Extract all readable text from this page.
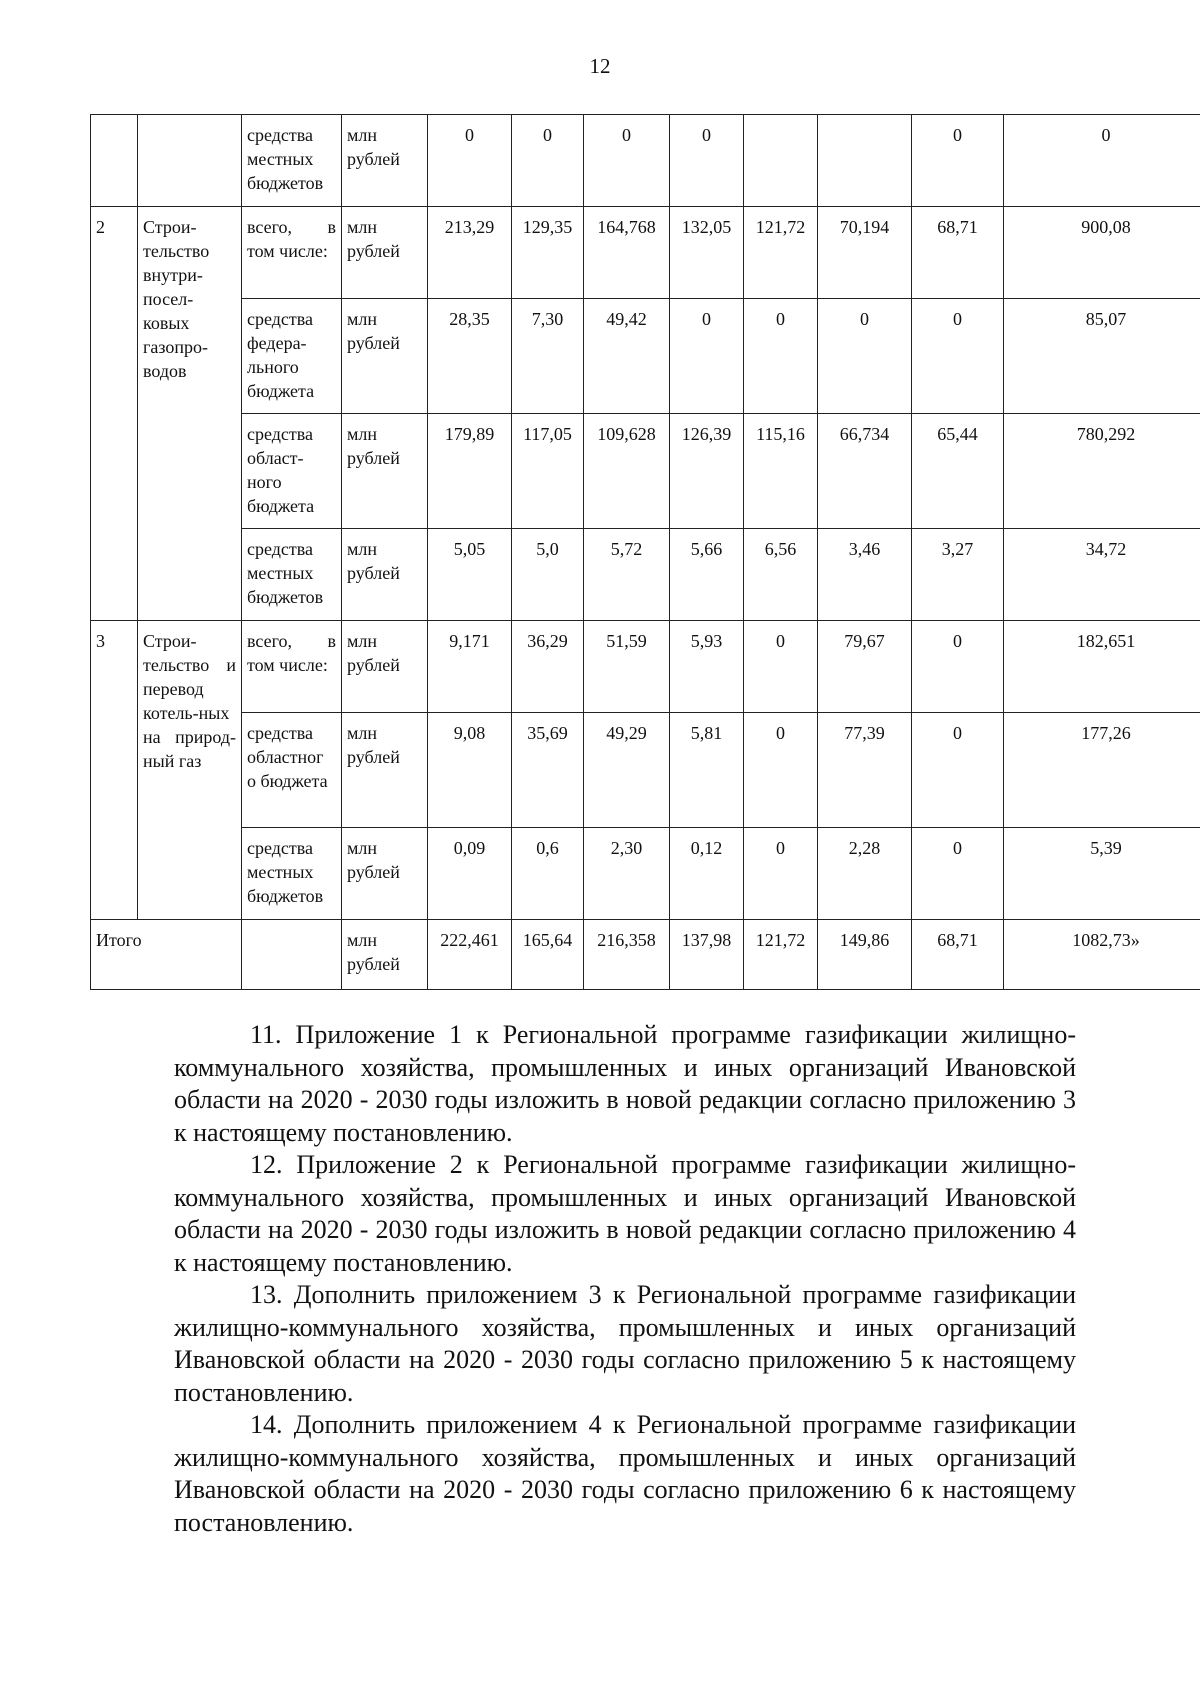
12
		средства местных бюджетов	млн рублей	0	0	0	0			0	0
2	Строи-тельство внутри-посел-ковых газопро-водов	всего, в том числе:	млн рублей	213,29	129,35	164,768	132,05	121,72	70,194	68,71	900,08
		средства федера-льного бюджета	млн рублей	28,35	7,30	49,42	0	0	0	0	85,07
		средства област-ного бюджета	млн рублей	179,89	117,05	109,628	126,39	115,16	66,734	65,44	780,292
		средства местных бюджетов	млн рублей	5,05	5,0	5,72	5,66	6,56	3,46	3,27	34,72
3	Строи-тельство и перевод котель-ных на природ-ный газ	всего, в том числе:	млн рублей	9,171	36,29	51,59	5,93	0	79,67	0	182,651
		средства областног о бюджета	млн рублей	9,08	35,69	49,29	5,81	0	77,39	0	177,26
		средства местных бюджетов	млн рублей	0,09	0,6	2,30	0,12	0	2,28	0	5,39
Итого			млн рублей	222,461	165,64	216,358	137,98	121,72	149,86	68,71	1082,73»

11. Приложение 1 к Региональной программе газификации жилищно-коммунального хозяйства, промышленных и иных организаций Ивановской области на 2020 - 2030 годы изложить в новой редакции согласно приложению 3 к настоящему постановлению.

12. Приложение 2 к Региональной программе газификации жилищно-коммунального хозяйства, промышленных и иных организаций Ивановской области на 2020 - 2030 годы изложить в новой редакции согласно приложению 4 к настоящему постановлению.

13. Дополнить приложением 3 к Региональной программе газификации жилищно-коммунального хозяйства, промышленных и иных организаций Ивановской области на 2020 - 2030 годы согласно приложению 5 к настоящему постановлению.

14. Дополнить приложением 4 к Региональной программе газификации жилищно-коммунального хозяйства, промышленных и иных организаций Ивановской области на 2020 - 2030 годы согласно приложению 6 к настоящему постановлению.
